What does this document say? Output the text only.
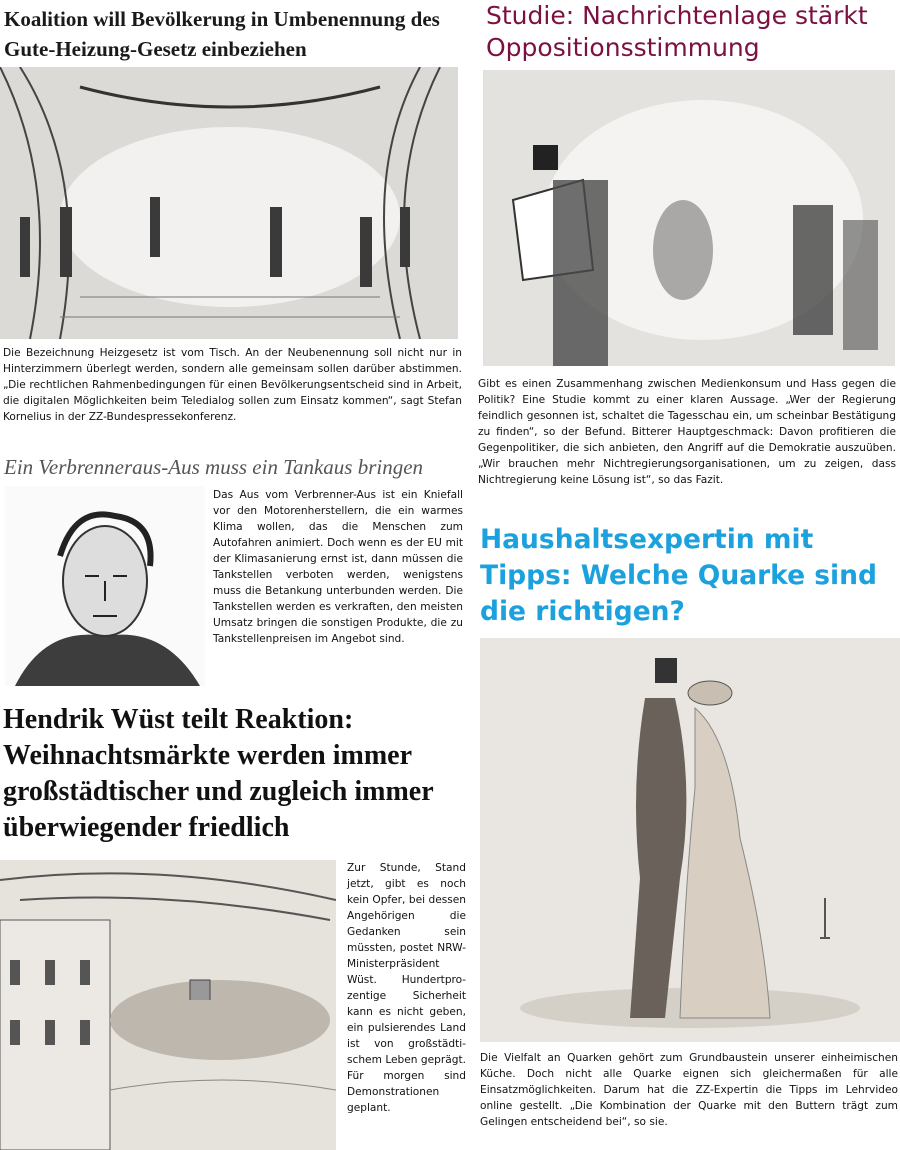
Koalition will Bevölkerung in Umbenennung des Gute-Heizung-Gesetz einbeziehen

Die Bezeichnung Heizgesetz ist vom Tisch. An der Neubenennung soll nicht nur in Hinterzimmern überlegt werden, sondern alle gemeinsam sollen darüber abstimmen. „Die rechtlichen Rahmenbedingungen für einen Bevölkerungsentscheid sind in Arbeit, die digitalen Möglichkeiten beim Teledialog sollen zum Einsatz kommen“, sagt Stefan Kornelius in der ZZ-Bundespressekonferenz.

Ein Verbrenneraus-Aus muss ein Tankaus bringen

Das Aus vom Verbrenner-Aus ist ein Kniefall vor den Motorenherstellern, die ein warmes Klima wollen, das die Menschen zum Autofahren animiert. Doch wenn es der EU mit der Klimasanierung ernst ist, dann müssen die Tankstellen verboten werden, wenigstens muss die Betankung unterbunden werden. Die Tankstellen werden es verkraften, den meisten Umsatz bringen die sonstigen Produkte, die zu Tankstellenpreisen im Angebot sind.

Hendrik Wüst teilt Reaktion: Weihnachtsmärkte werden immer großstädtischer und zugleich immer überwiegender friedlich

Zur Stunde, Stand jetzt, gibt es noch kein Opfer, bei dessen Angehörigen die Gedanken sein müssten, postet NRW-Ministerpräsident Wüst. Hundertprozentige Sicherheit kann es nicht geben, ein pulsierendes Land ist von großstädtischem Leben geprägt. Für morgen sind Demonstrationen geplant.

Studie: Nachrichtenlage stärkt Oppositionsstimmung

Gibt es einen Zusammenhang zwischen Medienkonsum und Hass gegen die Politik? Eine Studie kommt zu einer klaren Aussage. „Wer der Regierung feindlich gesonnen ist, schaltet die Tagesschau ein, um scheinbar Bestätigung zu finden“, so der Befund. Bitterer Hauptgeschmack: Davon profitieren die Gegenpolitiker, die sich anbieten, den Angriff auf die Demokratie auszuüben. „Wir brauchen mehr Nichtregierungsorganisationen, um zu zeigen, dass Nichtregierung keine Lösung ist“, so das Fazit.

Haushaltsexpertin mit Tipps: Welche Quarke sind die richtigen?

Die Vielfalt an Quarken gehört zum Grundbaustein unserer einheimischen Küche. Doch nicht alle Quarke eignen sich gleichermaßen für alle Einsatzmöglichkeiten. Darum hat die ZZ-Expertin die Tipps im Lehrvideo online gestellt. „Die Kombination der Quarke mit den Buttern trägt zum Gelingen entscheidend bei“, so sie.
